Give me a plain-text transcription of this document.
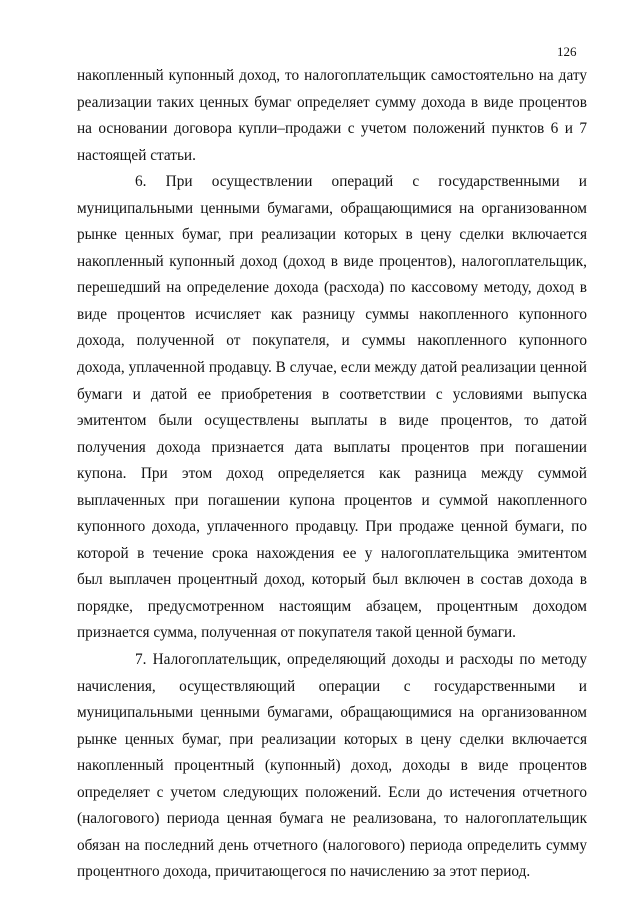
126
накопленный купонный доход, то налогоплательщик самостоятельно на дату
реализации таких ценных бумаг определяет сумму дохода в виде процентов
на основании договора купли–продажи с учетом положений пунктов 6 и 7
настоящей статьи.
6. При осуществлении операций с государственными и
муниципальными ценными бумагами, обращающимися на организованном
рынке ценных бумаг, при реализации которых в цену сделки включается
накопленный купонный доход (доход в виде процентов), налогоплательщик,
перешедший на определение дохода (расхода) по кассовому методу, доход в
виде процентов исчисляет как разницу суммы накопленного купонного
дохода, полученной от покупателя, и суммы накопленного купонного
дохода, уплаченной продавцу. В случае, если между датой реализации ценной
бумаги и датой ее приобретения в соответствии с условиями выпуска
эмитентом были осуществлены выплаты в виде процентов, то датой
получения дохода признается дата выплаты процентов при погашении
купона. При этом доход определяется как разница между суммой
выплаченных при погашении купона процентов и суммой накопленного
купонного дохода, уплаченного продавцу. При продаже ценной бумаги, по
которой в течение срока нахождения ее у налогоплательщика эмитентом
был выплачен процентный доход, который был включен в состав дохода в
порядке, предусмотренном настоящим абзацем, процентным доходом
признается сумма, полученная от покупателя такой ценной бумаги.
7. Налогоплательщик, определяющий доходы и расходы по методу
начисления, осуществляющий операции с государственными и
муниципальными ценными бумагами, обращающимися на организованном
рынке ценных бумаг, при реализации которых в цену сделки включается
накопленный процентный (купонный) доход, доходы в виде процентов
определяет с учетом следующих положений. Если до истечения отчетного
(налогового) периода ценная бумага не реализована, то налогоплательщик
обязан на последний день отчетного (налогового) периода определить сумму
процентного дохода, причитающегося по начислению за этот период.
